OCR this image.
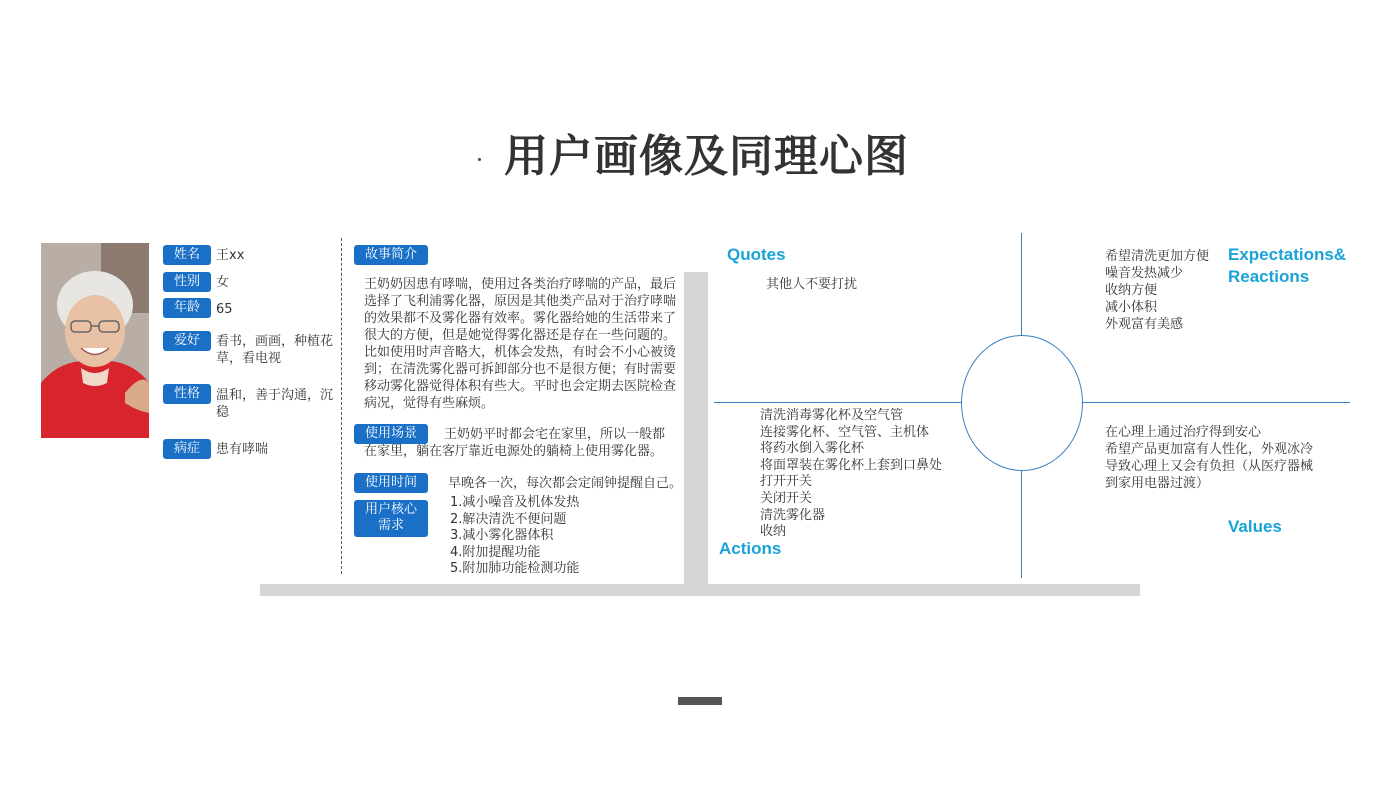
用户画像及同理心图
姓名	王xx
性别	女
年龄	65
爱好	看书，画画，种植花草，看电视
性格	温和，善于沟通，沉稳
病症	患有哮喘
故事简介
王奶奶因患有哮喘，使用过各类治疗哮喘的产品，最后选择了飞利浦雾化器，原因是其他类产品对于治疗哮喘的效果都不及雾化器有效率。雾化器给她的生活带来了很大的方便，但是她觉得雾化器还是存在一些问题的。比如使用时声音略大，机体会发热，有时会不小心被烫到；在清洗雾化器可拆卸部分也不是很方便；有时需要移动雾化器觉得体积有些大。平时也会定期去医院检查病况，觉得有些麻烦。
使用场景	王奶奶平时都会宅在家里，所以一般都在家里，躺在客厅靠近电源处的躺椅上使用雾化器。
使用时间	早晚各一次，每次都会定闹钟提醒自己。
用户核心
需求
1.减小噪音及机体发热
2.解决清洗不便问题
3.减小雾化器体积
4.附加提醒功能
5.附加肺功能检测功能
Quotes
其他人不要打扰
Expectations&
Reactions
希望清洗更加方便
噪音发热减少
收纳方便
减小体积
外观富有美感
清洗消毒雾化杯及空气管
连接雾化杯、空气管、主机体
将药水倒入雾化杯
将面罩装在雾化杯上套到口鼻处
打开开关
关闭开关
清洗雾化器
收纳
Actions
在心理上通过治疗得到安心
希望产品更加富有人性化，外观冰冷
导致心理上又会有负担（从医疗器械
到家用电器过渡）
Values
